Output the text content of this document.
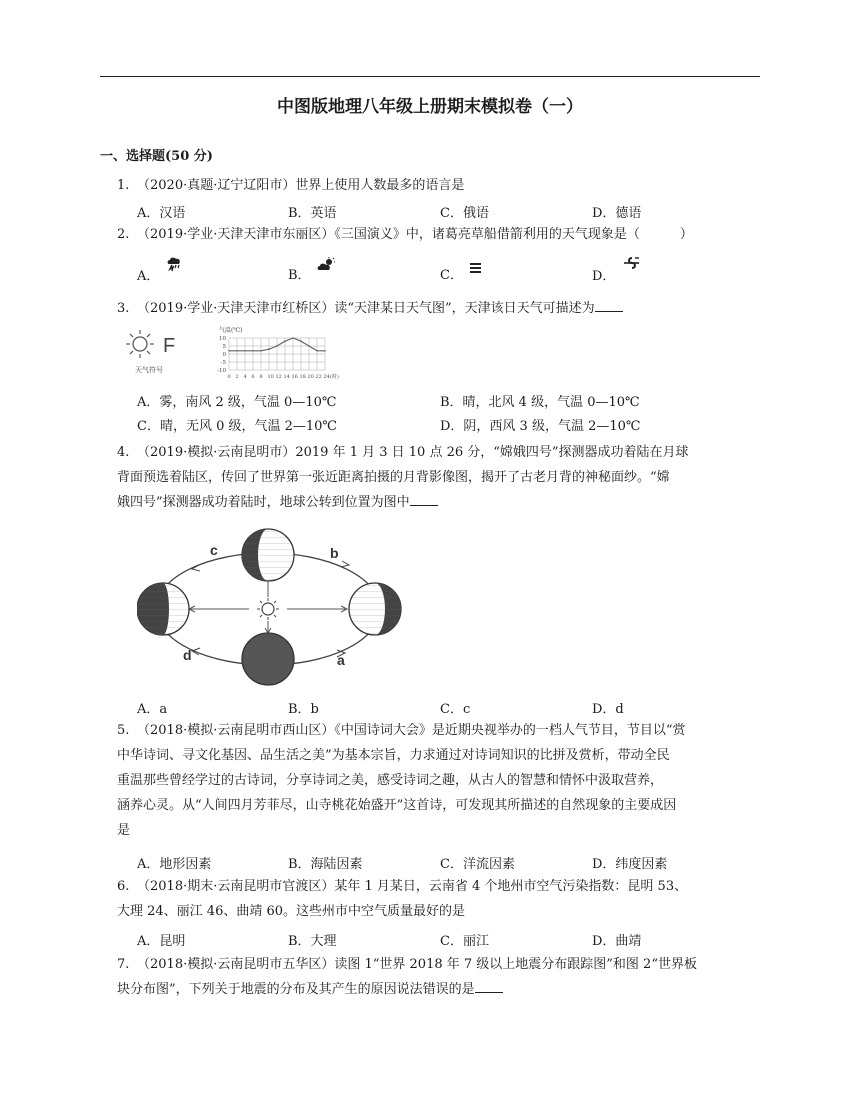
中图版地理八年级上册期末模拟卷（一）
一、选择题(50 分)
1. （2020·真题·辽宁辽阳市）世界上使用人数最多的语言是
A．汉语	B．英语	C．俄语	D．德语
2. （2019·学业·天津天津市东丽区）《三国演义》中，诸葛亮草船借箭利用的天气现象是（	）
A．	B．	C．	D．
3. （2019·学业·天津天津市红桥区）读“天津某日天气图”，天津该日天气可描述为
F
天气符号
气温(℃)
10
5
0
-5
-10
0 2 4 6 8 10 12 14 16 18 20 22 24(时)
A．雾，南风 2 级，气温 0—10℃	B．晴，北风 4 级，气温 0—10℃
C．晴，无风 0 级，气温 2—10℃	D．阴，西风 3 级，气温 2—10℃
4. （2019·模拟·云南昆明市）2019 年 1 月 3 日 10 点 26 分，“嫦娥四号”探测器成功着陆在月球
背面预选着陆区，传回了世界第一张近距离拍摄的月背影像图，揭开了古老月背的神秘面纱。“嫦
娥四号”探测器成功着陆时，地球公转到位置为图中
c	b
d	a
A．a	B．b	C．c	D．d
5. （2018·模拟·云南昆明市西山区）《中国诗词大会》是近期央视举办的一档人气节目，节目以“赏
中华诗词、寻文化基因、品生活之美”为基本宗旨，力求通过对诗词知识的比拼及赏析，带动全民
重温那些曾经学过的古诗词，分享诗词之美，感受诗词之趣，从古人的智慧和情怀中汲取营养，
涵养心灵。从“人间四月芳菲尽，山寺桃花始盛开”这首诗，可发现其所描述的自然现象的主要成因
是
A．地形因素	B．海陆因素	C．洋流因素	D．纬度因素
6. （2018·期末·云南昆明市官渡区）某年 1 月某日，云南省 4 个地州市空气污染指数：昆明 53、
大理 24、丽江 46、曲靖 60。这些州市中空气质量最好的是
A．昆明	B．大理	C．丽江	D．曲靖
7. （2018·模拟·云南昆明市五华区）读图 1“世界 2018 年 7 级以上地震分布跟踪图”和图 2“世界板
块分布图”，下列关于地震的分布及其产生的原因说法错误的是
